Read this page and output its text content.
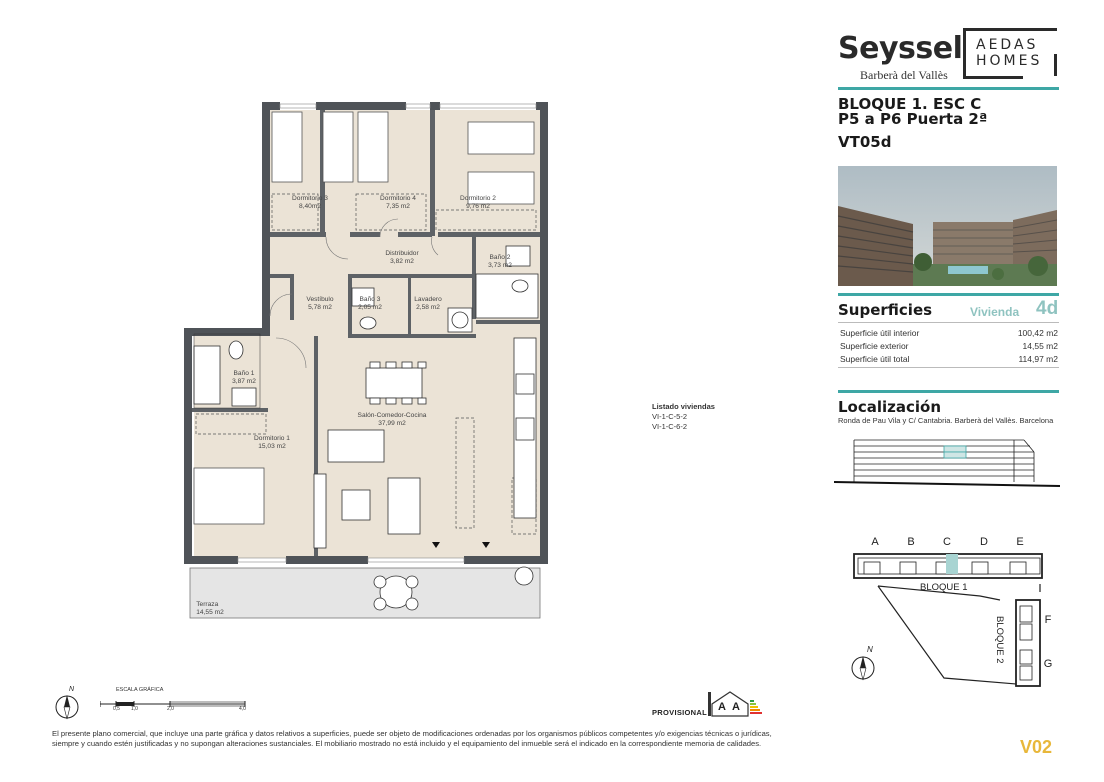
Seyssel
Barberà del Vallès
AEDAS
HOMES
BLOQUE 1. ESC C
P5 a P6 Puerta 2ª
VT05d
Superficies	Vivienda 4d
Superficie útil interior	100,42 m2
Superficie exterior	14,55 m2
Superficie útil total	114,97 m2
Localización
Ronda de Pau Vila y C/ Cantabria. Barberà del Vallès. Barcelona
A	B	C	D	E
BLOQUE 1
BLOQUE 2	F
G
N
Listado viviendas
VI-1-C-5-2
VI-1-C-6-2
Dormitorio 3
8,40m2
Dormitorio 4
7,35 m2
Dormitorio 2
9,76 m2
Distribuidor
3,82 m2
Baño 2
3,73 m2
Vestíbulo
5,78 m2
Baño 3
2,05 m2
Lavadero
2,58 m2
Baño 1
3,87 m2
Salón-Comedor-Cocina
37,99 m2
Dormitorio 1
15,03 m2
Terraza
14,55 m2
N	ESCALA GRÁFICA
0,5 1,0	2,0	4,0
El presente plano comercial, que incluye una parte gráfica y datos relativos a superficies, puede ser objeto de modificaciones ordenadas por los organismos públicos competentes y/o exigencias técnicas o jurídicas, siempre y cuando estén justificadas y no supongan alteraciones sustanciales. El mobiliario mostrado no está incluido y el equipamiento del inmueble será el indicado en la correspondiente memoria de calidades.
PROVISIONAL A A
V02
